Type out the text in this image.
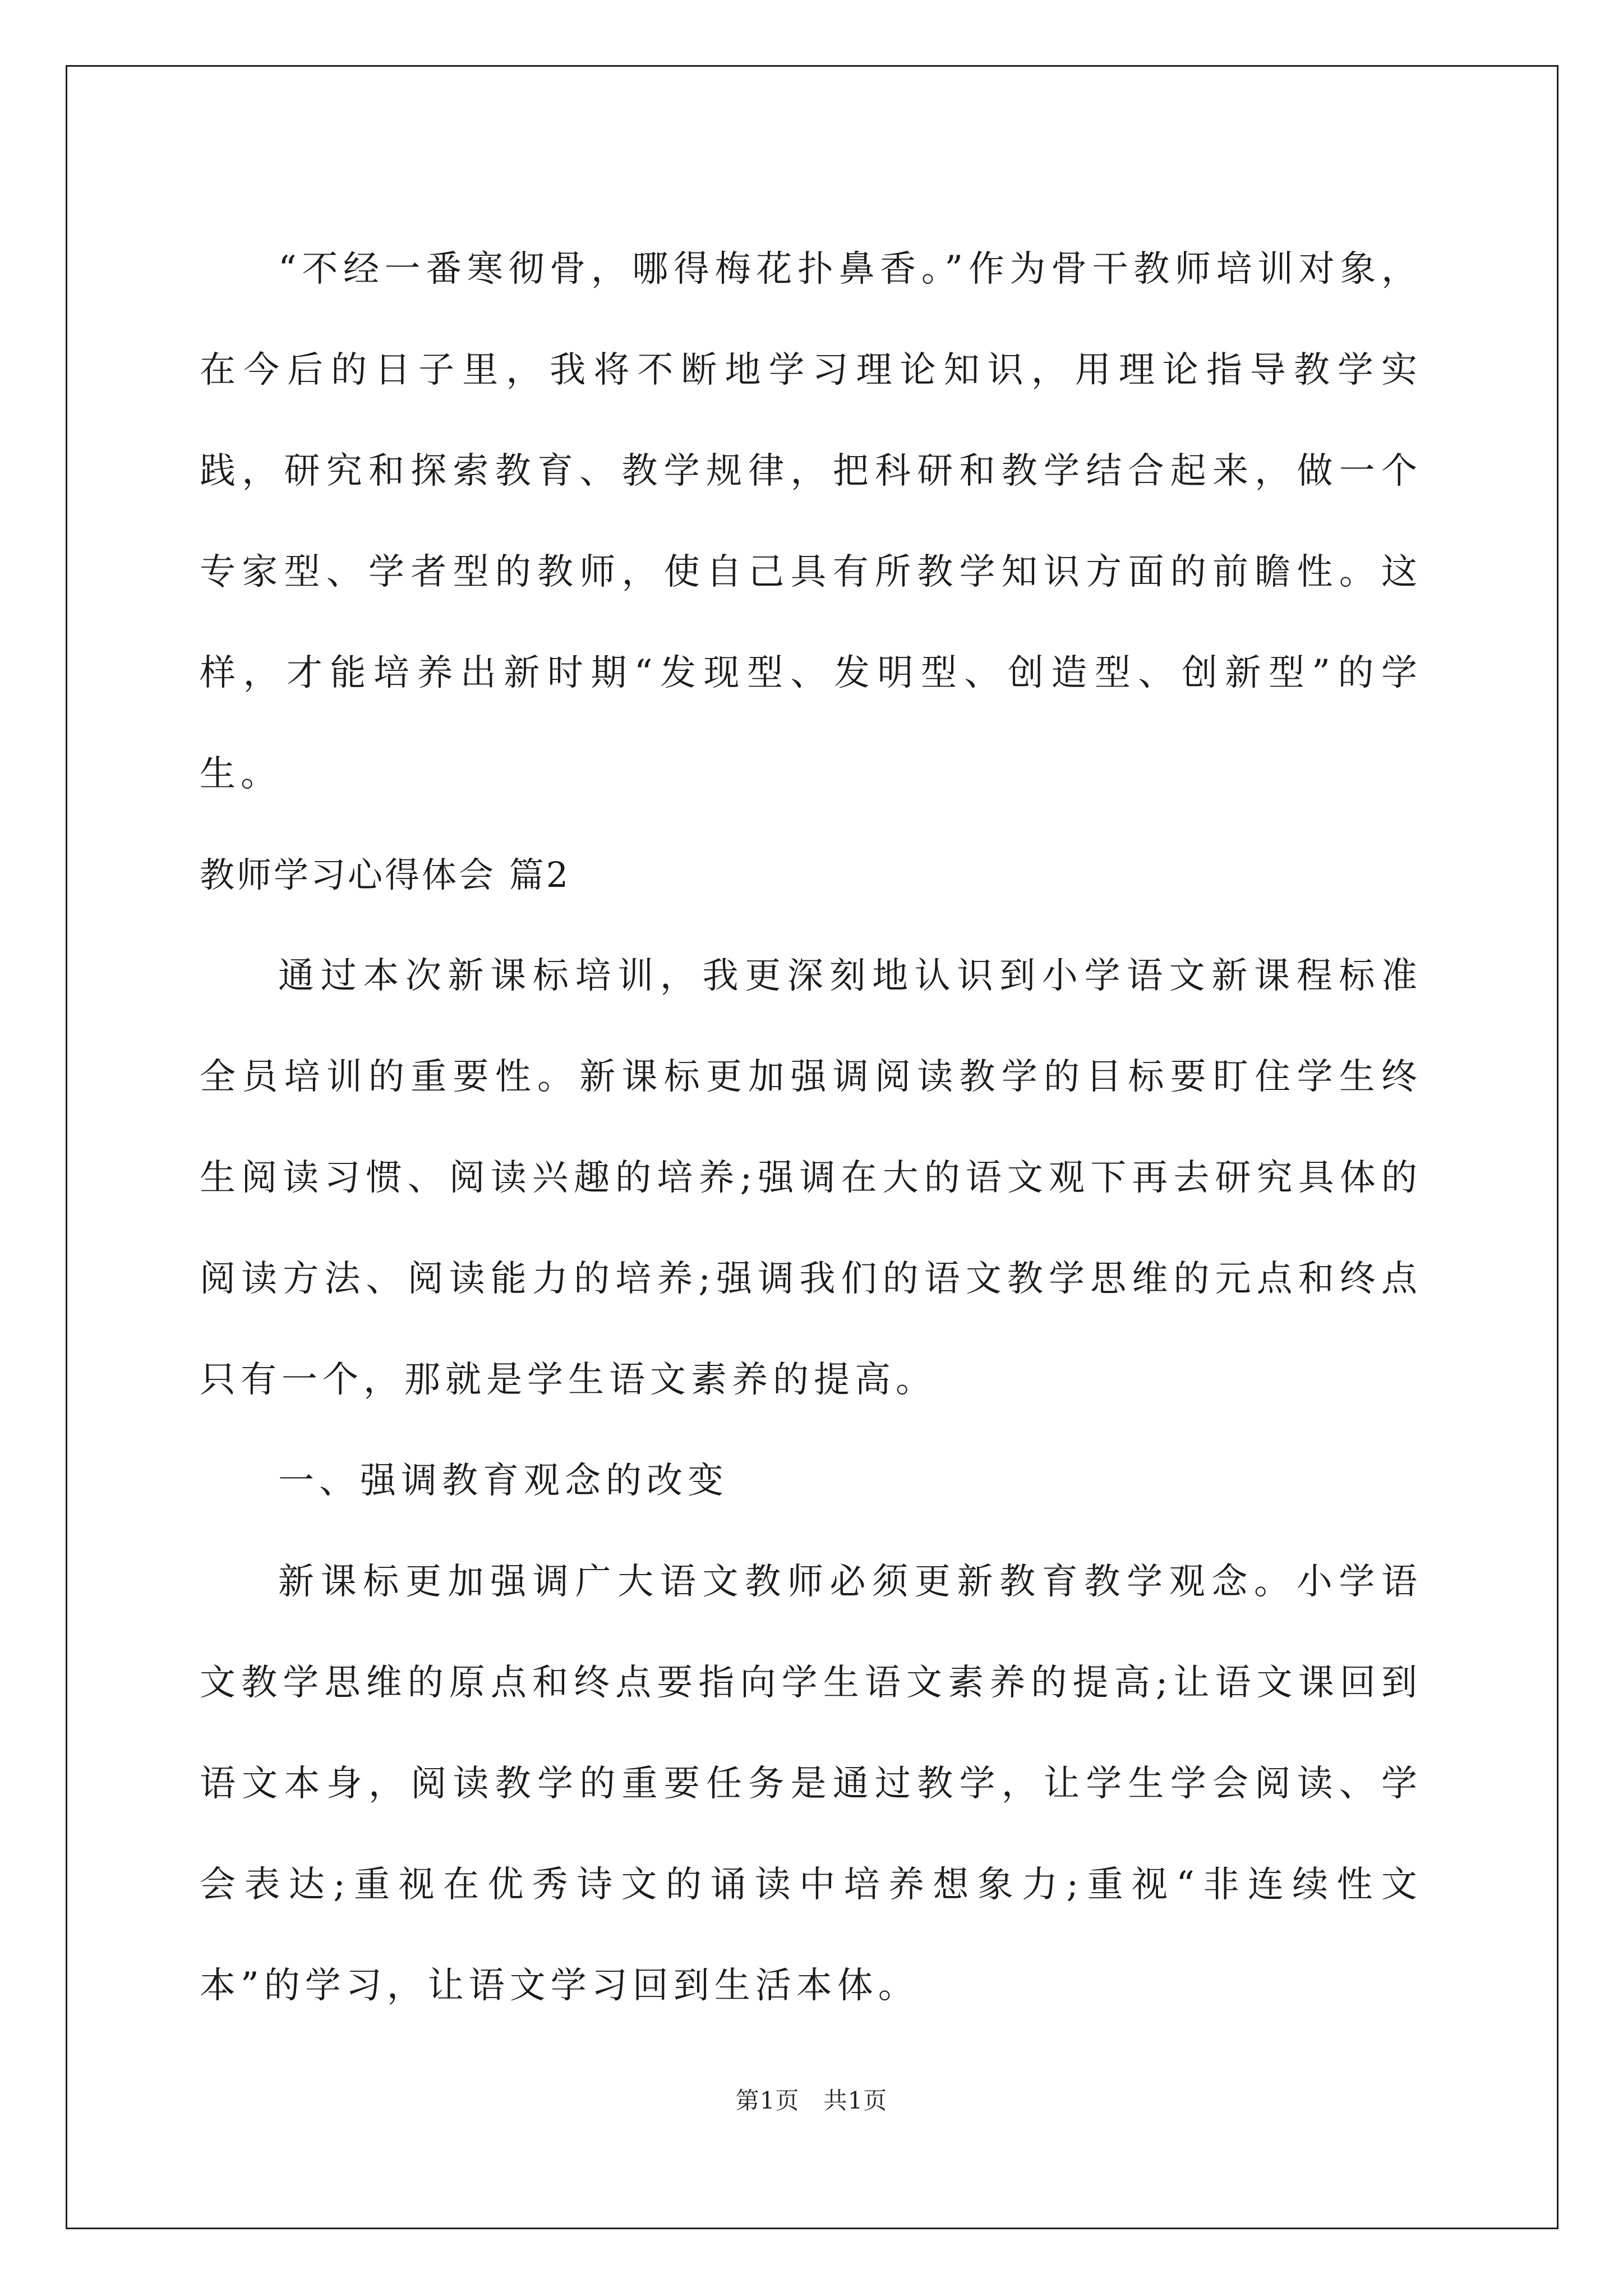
“不经一番寒彻骨，哪得梅花扑鼻香。”作为骨干教师培训对象，在今后的日子里，我将不断地学习理论知识，用理论指导教学实践，研究和探索教育、教学规律，把科研和教学结合起来，做一个专家型、学者型的教师，使自己具有所教学知识方面的前瞻性。这样，才能培养出新时期“发现型、发明型、创造型、创新型”的学生。

教师学习心得体会 篇2

通过本次新课标培训，我更深刻地认识到小学语文新课程标准全员培训的重要性。新课标更加强调阅读教学的目标要盯住学生终生阅读习惯、阅读兴趣的培养;强调在大的语文观下再去研究具体的阅读方法、阅读能力的培养;强调我们的语文教学思维的元点和终点只有一个，那就是学生语文素养的提高。

一、强调教育观念的改变

新课标更加强调广大语文教师必须更新教育教学观念。小学语文教学思维的原点和终点要指向学生语文素养的提高;让语文课回到语文本身，阅读教学的重要任务是通过教学，让学生学会阅读、学会表达;重视在优秀诗文的诵读中培养想象力;重视“非连续性文本”的学习，让语文学习回到生活本体。

第1页　共1页
